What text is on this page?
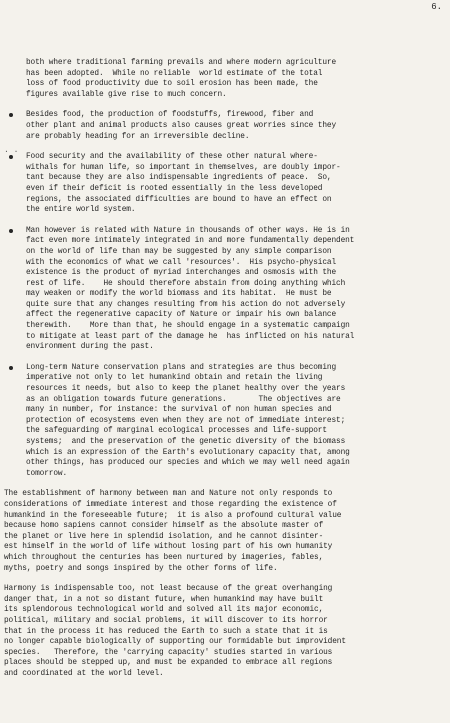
6.
. .

both where traditional farming prevails and where modern agriculture
has been adopted.  While no reliable  world estimate of the total
loss of food productivity due to soil erosion has been made, the
figures available give rise to much concern.

Besides food, the production of foodstuffs, firewood, fiber and
other plant and animal products also causes great worries since they
are probably heading for an irreversible decline.

Food security and the availability of these other natural where-
withals for human life, so important in themselves, are doubly impor-
tant because they are also indispensable ingredients of peace.  So,
even if their deficit is rooted essentially in the less developed
regions, the associated difficulties are bound to have an effect on
the entire world system.

Man however is related with Nature in thousands of other ways. He is in
fact even more intimately integrated in and more fundamentally dependent
on the world of life than may be suggested by any simple comparison
with the economics of what we call 'resources'.  His psycho-physical
existence is the product of myriad interchanges and osmosis with the
rest of life.    He should therefore abstain from doing anything which
may weaken or modify the world biomass and its habitat.  He must be
quite sure that any changes resulting from his action do not adversely
affect the regenerative capacity of Nature or impair his own balance
therewith.    More than that, he should engage in a systematic campaign
to mitigate at least part of the damage he  has inflicted on his natural
environment during the past.

Long-term Nature conservation plans and strategies are thus becoming
imperative not only to let humankind obtain and retain the living
resources it needs, but also to keep the planet healthy over the years
as an obligation towards future generations.       The objectives are
many in number, for instance: the survival of non human species and
protection of ecosystems even when they are not of immediate interest;
the safeguarding of marginal ecological processes and life-support
systems;  and the preservation of the genetic diversity of the biomass
which is an expression of the Earth's evolutionary capacity that, among
other things, has produced our species and which we may well need again
tomorrow.

The establishment of harmony between man and Nature not only responds to
considerations of immediate interest and those regarding the existence of
humankind in the foreseeable future;  it is also a profound cultural value
because homo sapiens cannot consider himself as the absolute master of
the planet or live here in splendid isolation, and he cannot disinter-
est himself in the world of life without losing part of his own humanity
which throughout the centuries has been nurtured by imageries, fables,
myths, poetry and songs inspired by the other forms of life.

Harmony is indispensable too, not least because of the great overhanging
danger that, in a not so distant future, when humankind may have built
its splendorous technological world and solved all its major economic,
political, military and social problems, it will discover to its horror
that in the process it has reduced the Earth to such a state that it is
no longer capable biologically of supporting our formidable but improvident
species.   Therefore, the 'carrying capacity' studies started in various
places should be stepped up, and must be expanded to embrace all regions
and coordinated at the world level.
